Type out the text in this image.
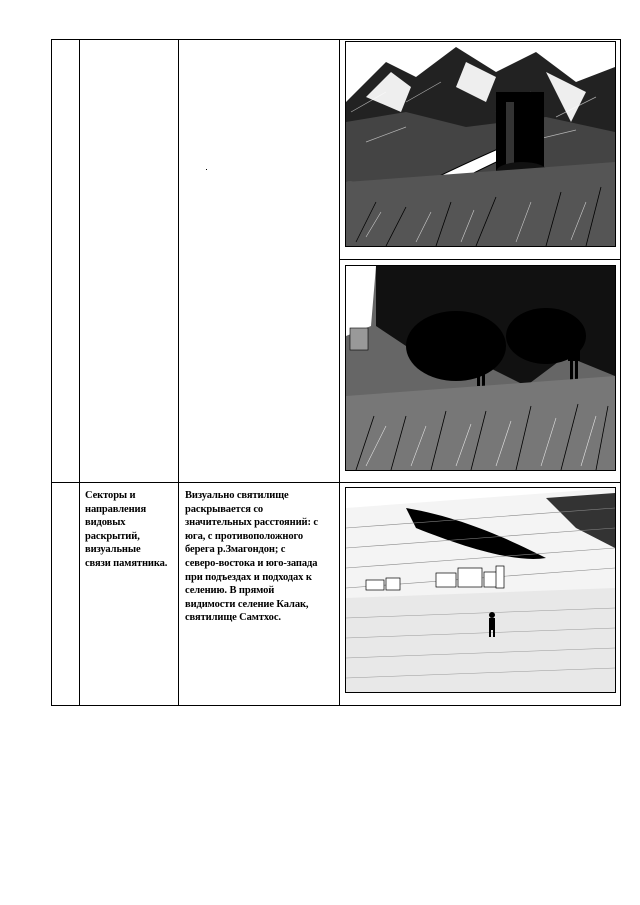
Секторы и
направления
видовых
раскрытий,
визуальные
связи памятника.
Визуально святилище
раскрывается со
значительных расстояний: с
юга, с противоположного
берега р.Змагондон; с
северо-востока и юго-запада
при подъездах и подходах к
селению. В прямой
видимости селение Калак,
святилище Самтхос.
